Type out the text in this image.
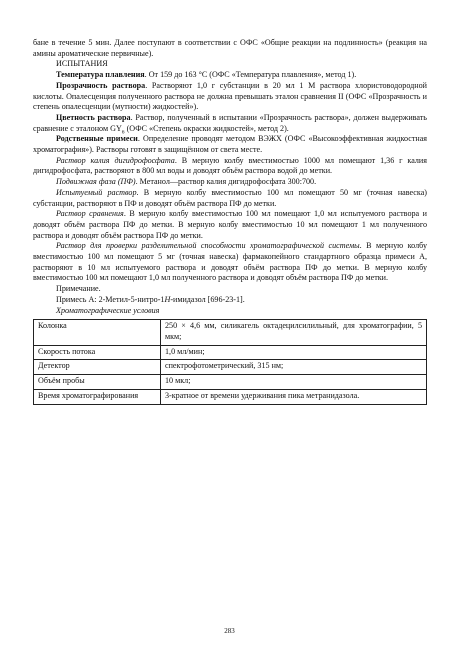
бане в течение 5 мин. Далее поступают в соответствии с ОФС «Общие реакции на подлинность» (реакция на амины ароматические первичные).

ИСПЫТАНИЯ

Температура плавления. От 159 до 163 °С (ОФС «Температура плавления», метод 1).

Прозрачность раствора. Растворяют 1,0 г субстанции в 20 мл 1 М раствора хлористоводородной кислоты. Опалесценция полученного раствора не должна превышать эталон сравнения II (ОФС «Прозрачность и степень опалесценции (мутности) жидкостей»).

Цветность раствора. Раствор, полученный в испытании «Прозрачность раствора», должен выдерживать сравнение с эталоном $GY_6$ (ОФС «Степень окраски жидкостей», метод 2).

Родственные примеси. Определение проводят методом ВЭЖХ (ОФС «Высокоэффективная жидкостная хроматография»). Растворы готовят в защищённом от света месте.

Раствор калия дигидрофосфата. В мерную колбу вместимостью 1000 мл помещают 1,36 г калия дигидрофосфата, растворяют в 800 мл воды и доводят объём раствора водой до метки.

Подвижная фаза (ПФ). Метанол—раствор калия дигидрофосфата 300:700.

Испытуемый раствор. В мерную колбу вместимостью 100 мл помещают 50 мг (точная навеска) субстанции, растворяют в ПФ и доводят объём раствора ПФ до метки.

Раствор сравнения. В мерную колбу вместимостью 100 мл помещают 1,0 мл испытуемого раствора и доводят объём раствора ПФ до метки. В мерную колбу вместимостью 10 мл помещают 1 мл полученного раствора и доводят объём раствора ПФ до метки.

Раствор для проверки разделительной способности хроматографической системы. В мерную колбу вместимостью 100 мл помещают 5 мг (точная навеска) фармакопейного стандартного образца примеси А, растворяют в 10 мл испытуемого раствора и доводят объём раствора ПФ до метки. В мерную колбу вместимостью 100 мл помещают 1,0 мл полученного раствора и доводят объём раствора ПФ до метки.

Примечание.

Примесь А: 2-Метил-5-нитро-1Н-имидазол [696-23-1].

Хроматографические условия

Колонка	250 × 4,6 мм, силикагель октадецилсилильный, для хроматографии, 5 мкм;
Скорость потока	1,0 мл/мин;
Детектор	спектрофотометрический, 315 нм;
Объём пробы	10 мкл;
Время хроматографирования	3-кратное от времени удерживания пика метранидазола.
283
